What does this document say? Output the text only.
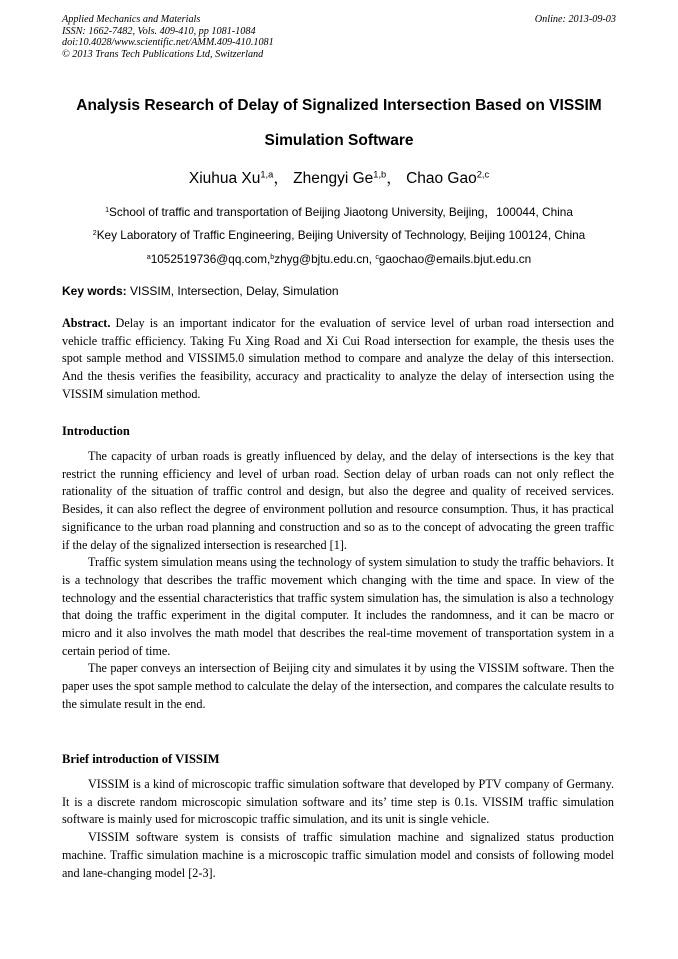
Applied Mechanics and Materials
ISSN: 1662-7482, Vols. 409-410, pp 1081-1084
doi:10.4028/www.scientific.net/AMM.409-410.1081
© 2013 Trans Tech Publications Ltd, Switzerland
Online: 2013-09-03
Analysis Research of Delay of Signalized Intersection Based on VISSIM
Simulation Software
Xiuhua Xu$^{1,a}$， Zhengyi Ge$^{1,b}$， Chao Gao$^{2,c}$
$^1$School of traffic and transportation of Beijing Jiaotong University, Beijing，100044, China
$^2$Key Laboratory of Traffic Engineering, Beijing University of Technology, Beijing 100124, China
$^a$1052519736@qq.com,$^b$zhyg@bjtu.edu.cn, $^c$gaochao@emails.bjut.edu.cn
Key words: VISSIM, Intersection, Delay, Simulation
Abstract. Delay is an important indicator for the evaluation of service level of urban road intersection and vehicle traffic efficiency. Taking Fu Xing Road and Xi Cui Road intersection for example, the thesis uses the spot sample method and VISSIM5.0 simulation method to compare and analyze the delay of this intersection. And the thesis verifies the feasibility, accuracy and practicality to analyze the delay of intersection using the VISSIM simulation method.
Introduction

The capacity of urban roads is greatly influenced by delay, and the delay of intersections is the key that restrict the running efficiency and level of urban road. Section delay of urban roads can not only reflect the rationality of the situation of traffic control and design, but also the degree and quality of received services. Besides, it can also reflect the degree of environment pollution and resource consumption. Thus, it has practical significance to the urban road planning and construction and so as to the concept of advocating the green traffic if the delay of the signalized intersection is researched [1].

Traffic system simulation means using the technology of system simulation to study the traffic behaviors. It is a technology that describes the traffic movement which changing with the time and space. In view of the technology and the essential characteristics that traffic system simulation has, the simulation is also a technology that doing the traffic experiment in the digital computer. It includes the randomness, and it can be macro or micro and it also involves the math model that describes the real-time movement of transportation system in a certain period of time.

The paper conveys an intersection of Beijing city and simulates it by using the VISSIM software. Then the paper uses the spot sample method to calculate the delay of the intersection, and compares the calculate results to the simulate result in the end.

Brief introduction of VISSIM

VISSIM is a kind of microscopic traffic simulation software that developed by PTV company of Germany. It is a discrete random microscopic simulation software and its’ time step is 0.1s. VISSIM traffic simulation software is mainly used for microscopic traffic simulation, and its unit is single vehicle.

VISSIM software system is consists of traffic simulation machine and signalized status production machine. Traffic simulation machine is a microscopic traffic simulation model and consists of following model and lane-changing model [2-3].
